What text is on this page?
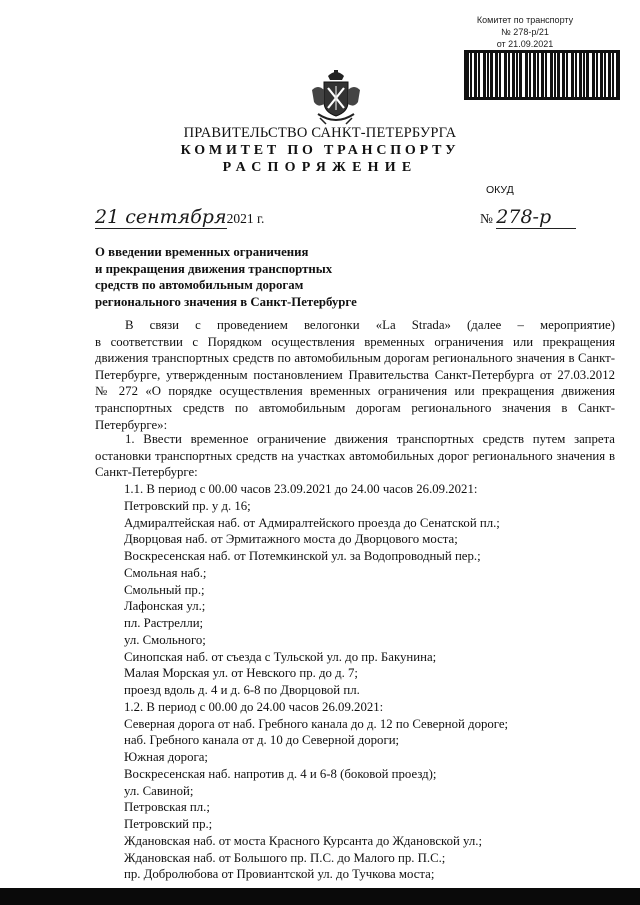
Комитет по транспорту
№ 278-р/21
от 21.09.2021
ПРАВИТЕЛЬСТВО САНКТ-ПЕТЕРБУРГА
КОМИТЕТ ПО ТРАНСПОРТУ
РАСПОРЯЖЕНИЕ
ОКУД
21 сентября2021 г.	№ 278-р
О введении временных ограничения
и прекращения движения транспортных
средств по автомобильным дорогам
регионального значения в Санкт-Петербурге
В связи с проведением велогонки «La Strada» (далее – мероприятие)
в соответствии с Порядком осуществления временных ограничения или прекращения движения транспортных средств по автомобильным дорогам регионального значения в Санкт-Петербурге, утвержденным постановлением Правительства Санкт-Петербурга от 27.03.2012 № 272 «О порядке осуществления временных ограничения или прекращения движения транспортных средств по автомобильным дорогам регионального значения в Санкт-Петербурге»:
1. Ввести временное ограничение движения транспортных средств путем запрета остановки транспортных средств на участках автомобильных дорог регионального значения в Санкт-Петербурге:
1.1. В период с 00.00 часов 23.09.2021 до 24.00 часов 26.09.2021:
Петровский пр. у д. 16;
Адмиралтейская наб. от Адмиралтейского проезда до Сенатской пл.;
Дворцовая наб. от Эрмитажного моста до Дворцового моста;
Воскресенская наб. от Потемкинской ул. за Водопроводный пер.;
Смольная наб.;
Смольный пр.;
Лафонская ул.;
пл. Растрелли;
ул. Смольного;
Синопская наб. от съезда с Тульской ул. до пр. Бакунина;
Малая Морская ул. от Невского пр. до д. 7;
проезд вдоль д. 4 и д. 6-8 по Дворцовой пл.
1.2. В период с 00.00 до 24.00 часов 26.09.2021:
Северная дорога от наб. Гребного канала до д. 12 по Северной дороге;
наб. Гребного канала от д. 10 до Северной дороги;
Южная дорога;
Воскресенская наб. напротив д. 4 и 6-8 (боковой проезд);
ул. Савиной;
Петровская пл.;
Петровский пр.;
Ждановская наб. от моста Красного Курсанта до Ждановской ул.;
Ждановская наб. от Большого пр. П.С. до Малого пр. П.С.;
пр. Добролюбова от Провиантской ул. до Тучкова моста;
